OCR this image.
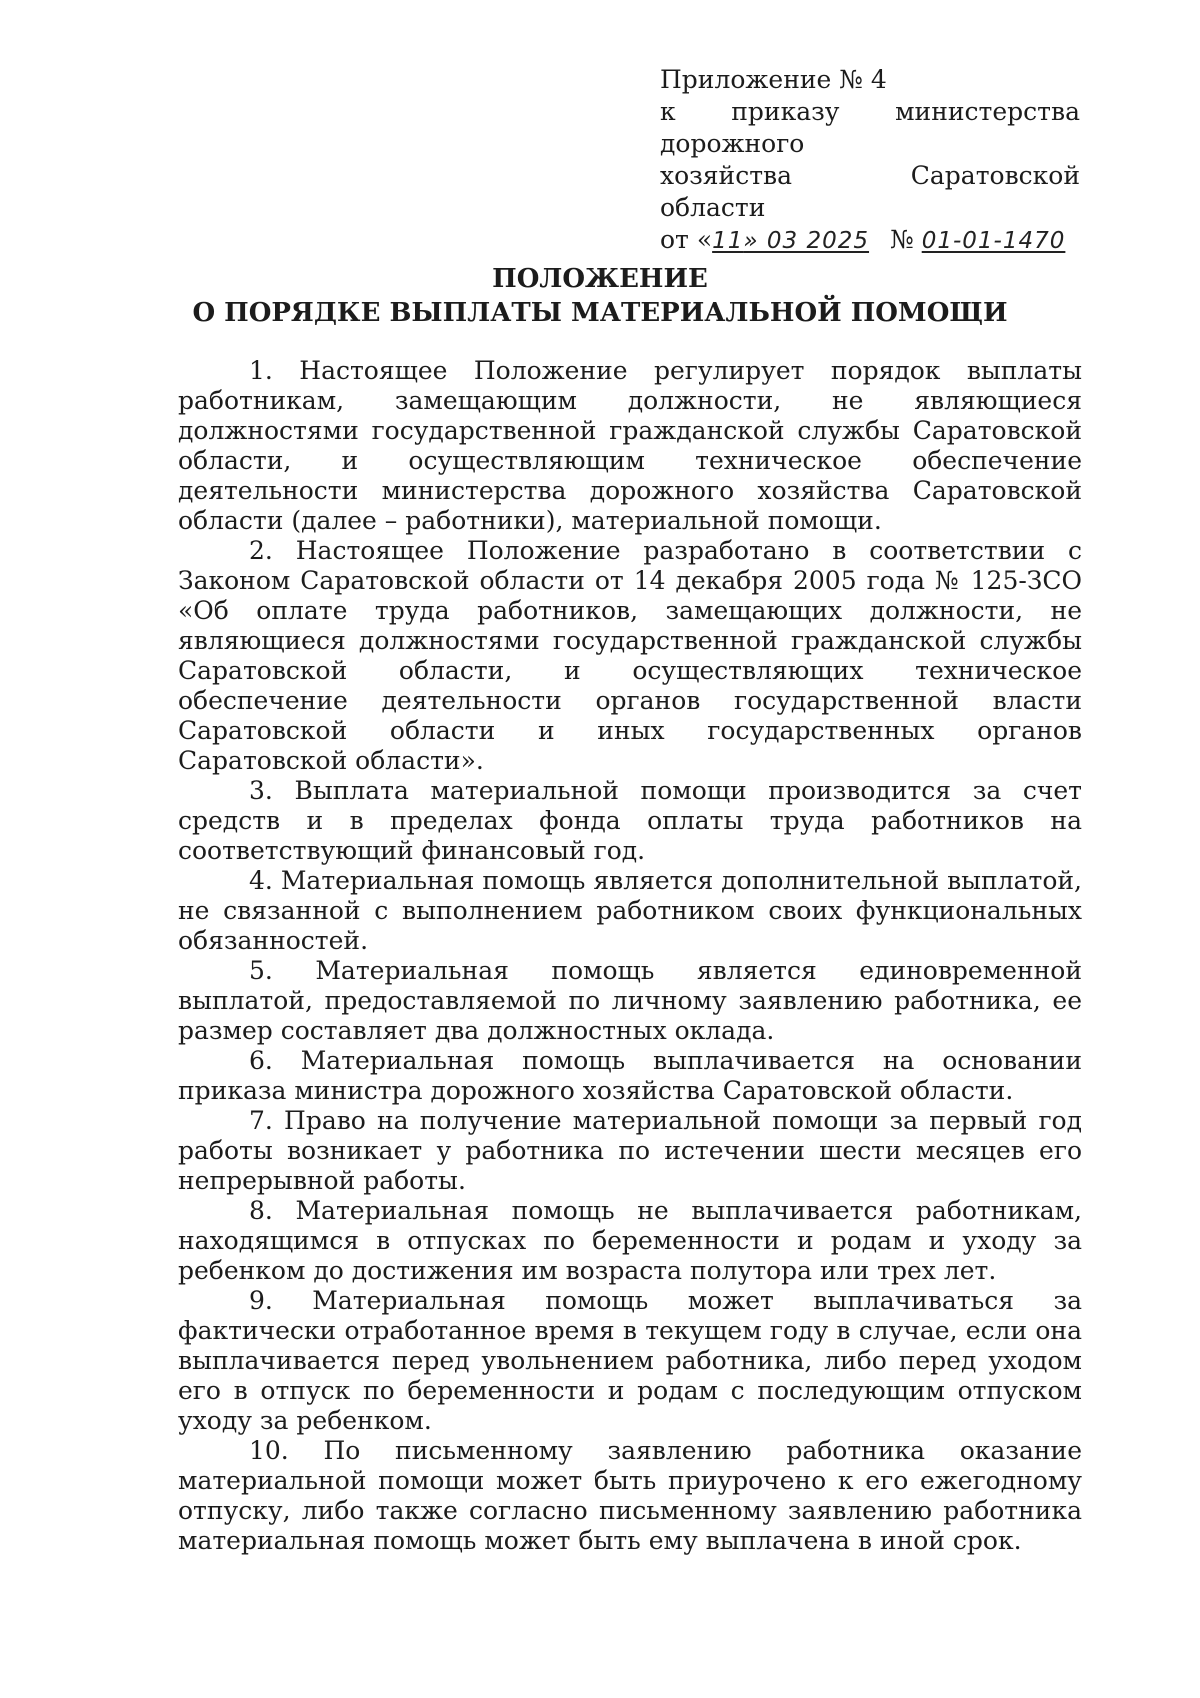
Приложение № 4
к приказу министерства дорожного
хозяйства Саратовской области
от «11» 03 2025 № 01-01-1470
ПОЛОЖЕНИЕ
О ПОРЯДКЕ ВЫПЛАТЫ МАТЕРИАЛЬНОЙ ПОМОЩИ

1. Настоящее Положение регулирует порядок выплаты работникам, замещающим должности, не являющиеся должностями государственной гражданской службы Саратовской области, и осуществляющим техническое обеспечение деятельности министерства дорожного хозяйства Саратовской области (далее – работники), материальной помощи.

2. Настоящее Положение разработано в соответствии с Законом Саратовской области от 14 декабря 2005 года № 125-ЗСО «Об оплате труда работников, замещающих должности, не являющиеся должностями государственной гражданской службы Саратовской области, и осуществляющих техническое обеспечение деятельности органов государственной власти Саратовской области и иных государственных органов Саратовской области».

3. Выплата материальной помощи производится за счет средств и в пределах фонда оплаты труда работников на соответствующий финансовый год.

4. Материальная помощь является дополнительной выплатой, не связанной с выполнением работником своих функциональных обязанностей.

5. Материальная помощь является единовременной выплатой, предоставляемой по личному заявлению работника, ее размер составляет два должностных оклада.

6. Материальная помощь выплачивается на основании приказа министра дорожного хозяйства Саратовской области.

7. Право на получение материальной помощи за первый год работы возникает у работника по истечении шести месяцев его непрерывной работы.

8. Материальная помощь не выплачивается работникам, находящимся в отпусках по беременности и родам и уходу за ребенком до достижения им возраста полутора или трех лет.

9. Материальная помощь может выплачиваться за фактически отработанное время в текущем году в случае, если она выплачивается перед увольнением работника, либо перед уходом его в отпуск по беременности и родам с последующим отпуском уходу за ребенком.

10. По письменному заявлению работника оказание материальной помощи может быть приурочено к его ежегодному отпуску, либо также согласно письменному заявлению работника материальная помощь может быть ему выплачена в иной срок.
